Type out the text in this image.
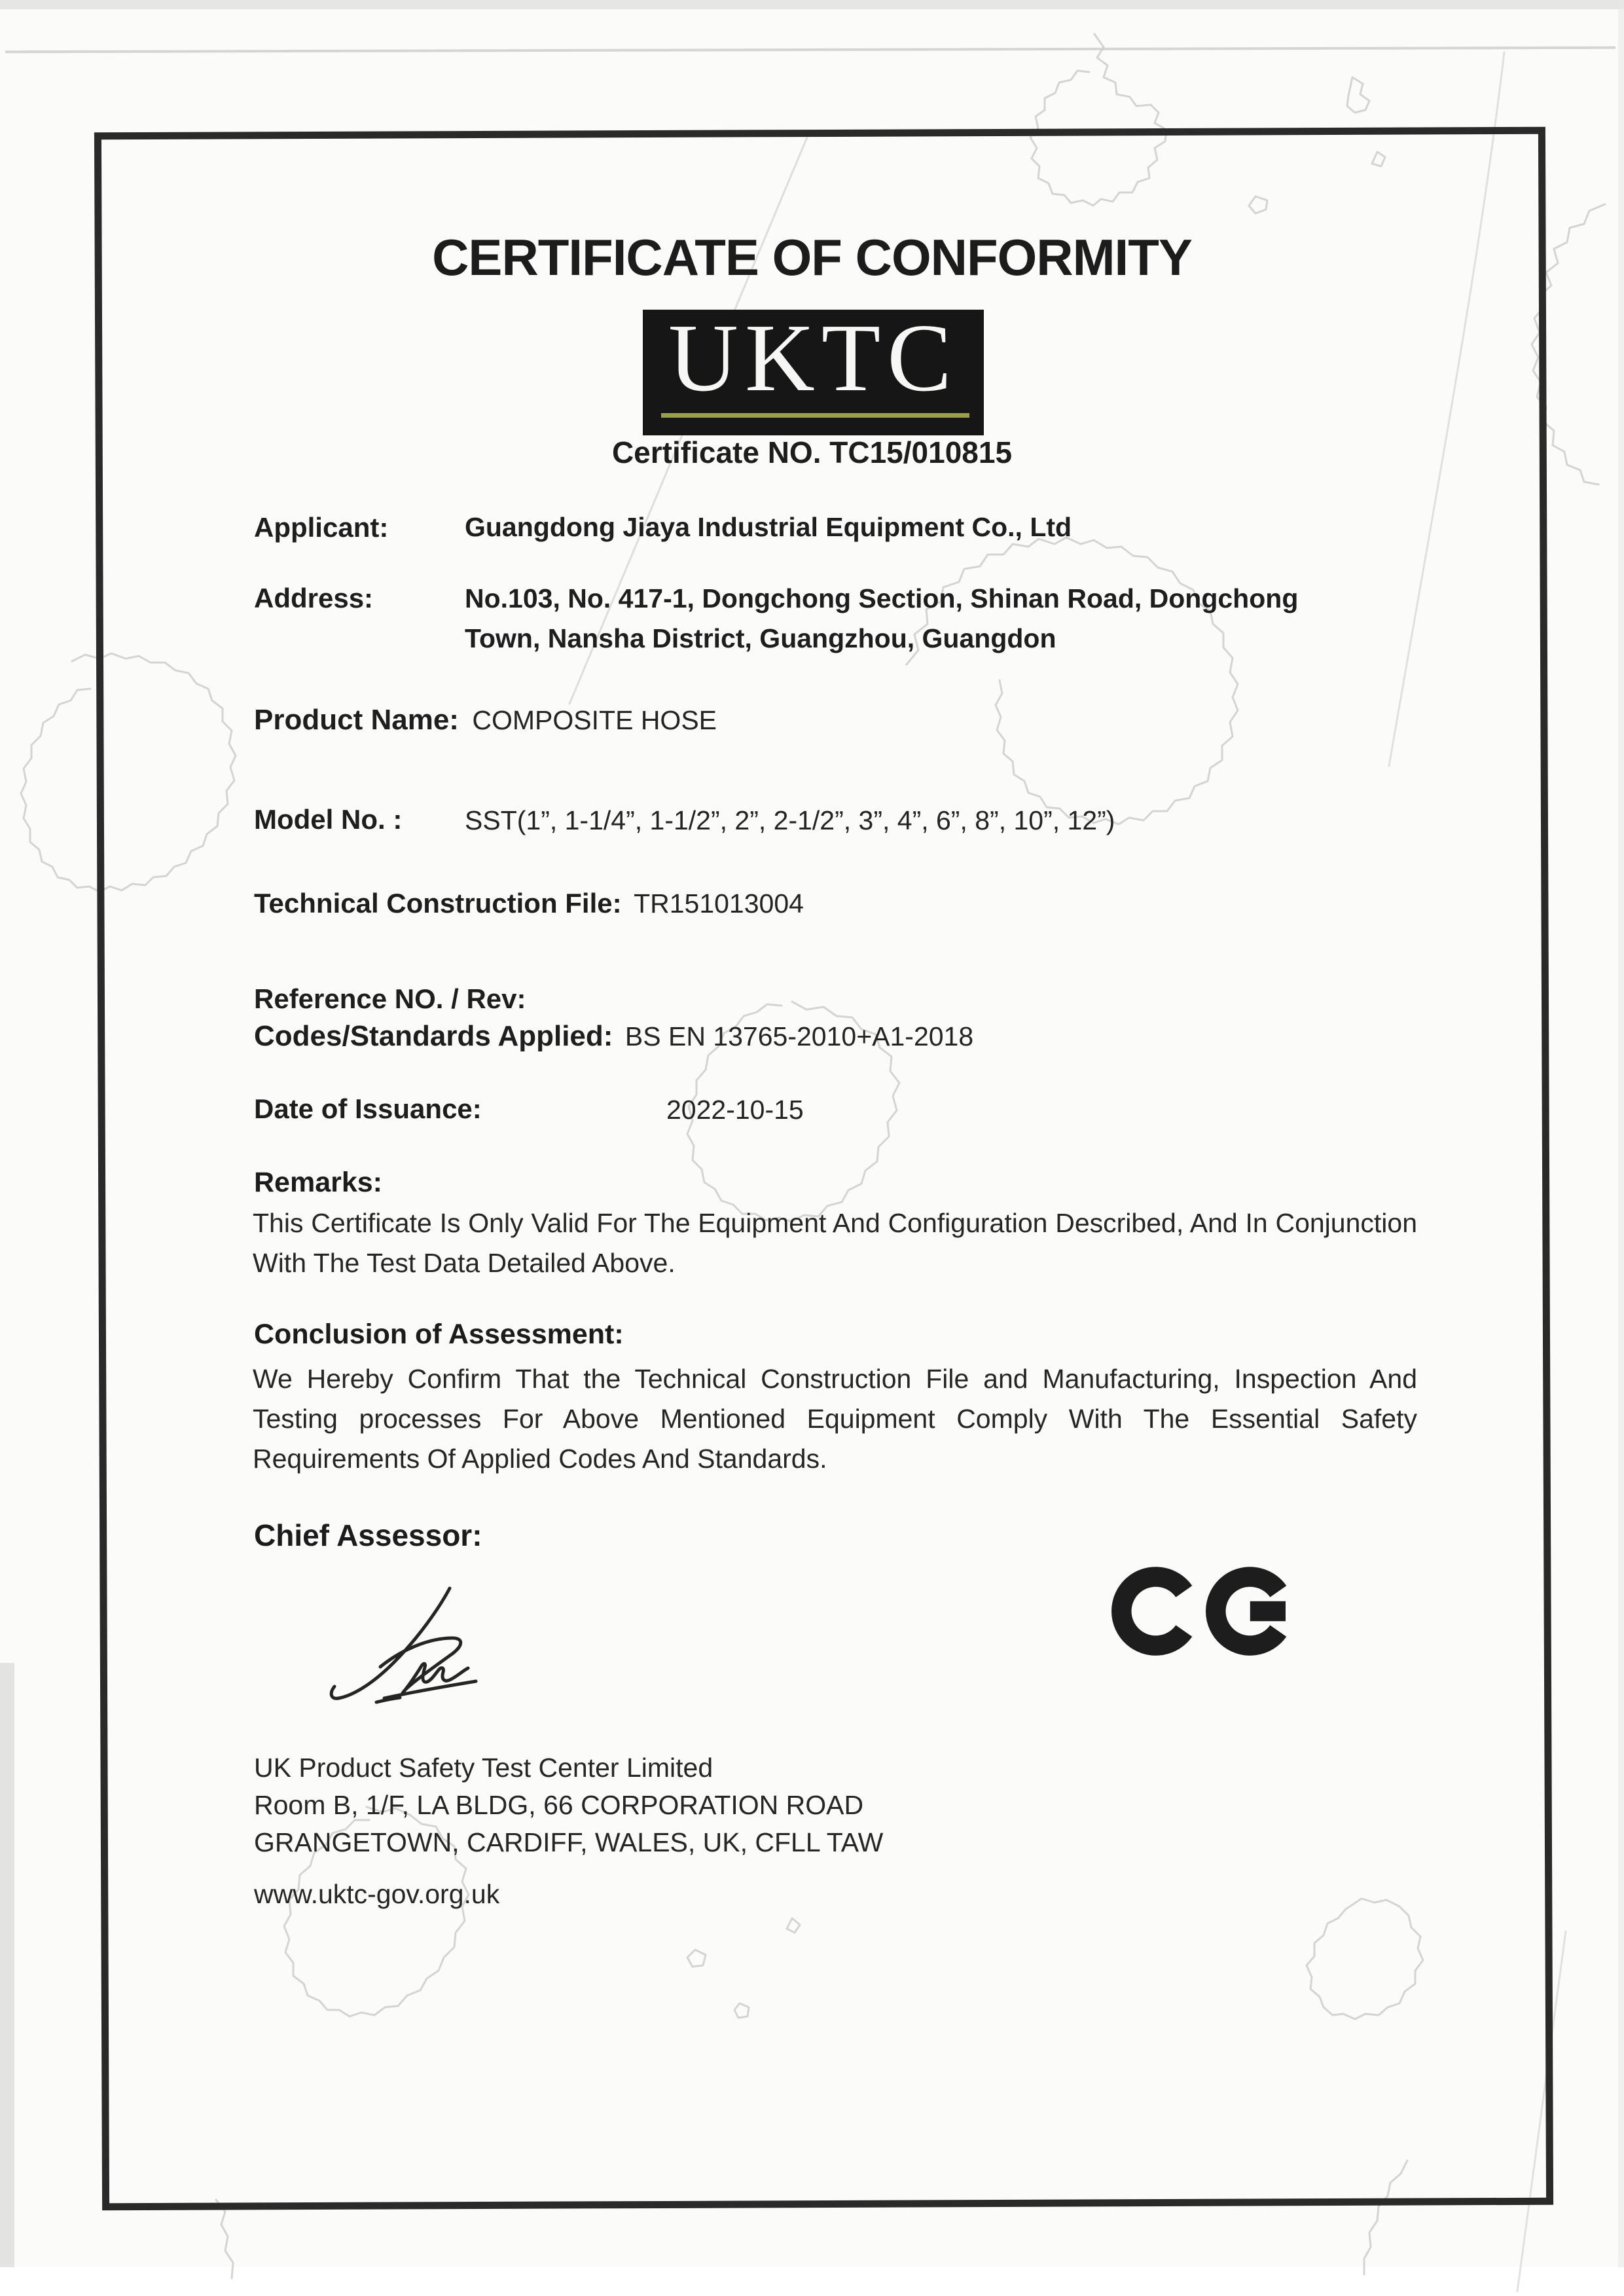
CERTIFICATE OF CONFORMITY
UKTC
Certificate NO. TC15/010815
Applicant:	Guangdong Jiaya Industrial Equipment Co., Ltd
Address:	No.103, No. 417-1, Dongchong Section, Shinan Road, Dongchong
Town, Nansha District, Guangzhou, Guangdon
Product Name: COMPOSITE HOSE
Model No. : SST(1”, 1-1/4”, 1-1/2”, 2”, 2-1/2”, 3”, 4”, 6”, 8”, 10”, 12”)
Technical Construction File: TR151013004
Reference NO. / Rev:
Codes/Standards Applied: BS EN 13765-2010+A1-2018
Date of Issuance:	2022-10-15
Remarks:
This Certificate Is Only Valid For The Equipment And Configuration Described, And In Conjunction With The Test Data Detailed Above.
Conclusion of Assessment:
We Hereby Confirm That the Technical Construction File and Manufacturing, Inspection And Testing processes For Above Mentioned Equipment Comply With The Essential Safety Requirements Of Applied Codes And Standards.
Chief Assessor:
UK Product Safety Test Center Limited
Room B, 1/F, LA BLDG, 66 CORPORATION ROAD
GRANGETOWN, CARDIFF, WALES, UK, CFLL TAW
www.uktc-gov.org.uk
